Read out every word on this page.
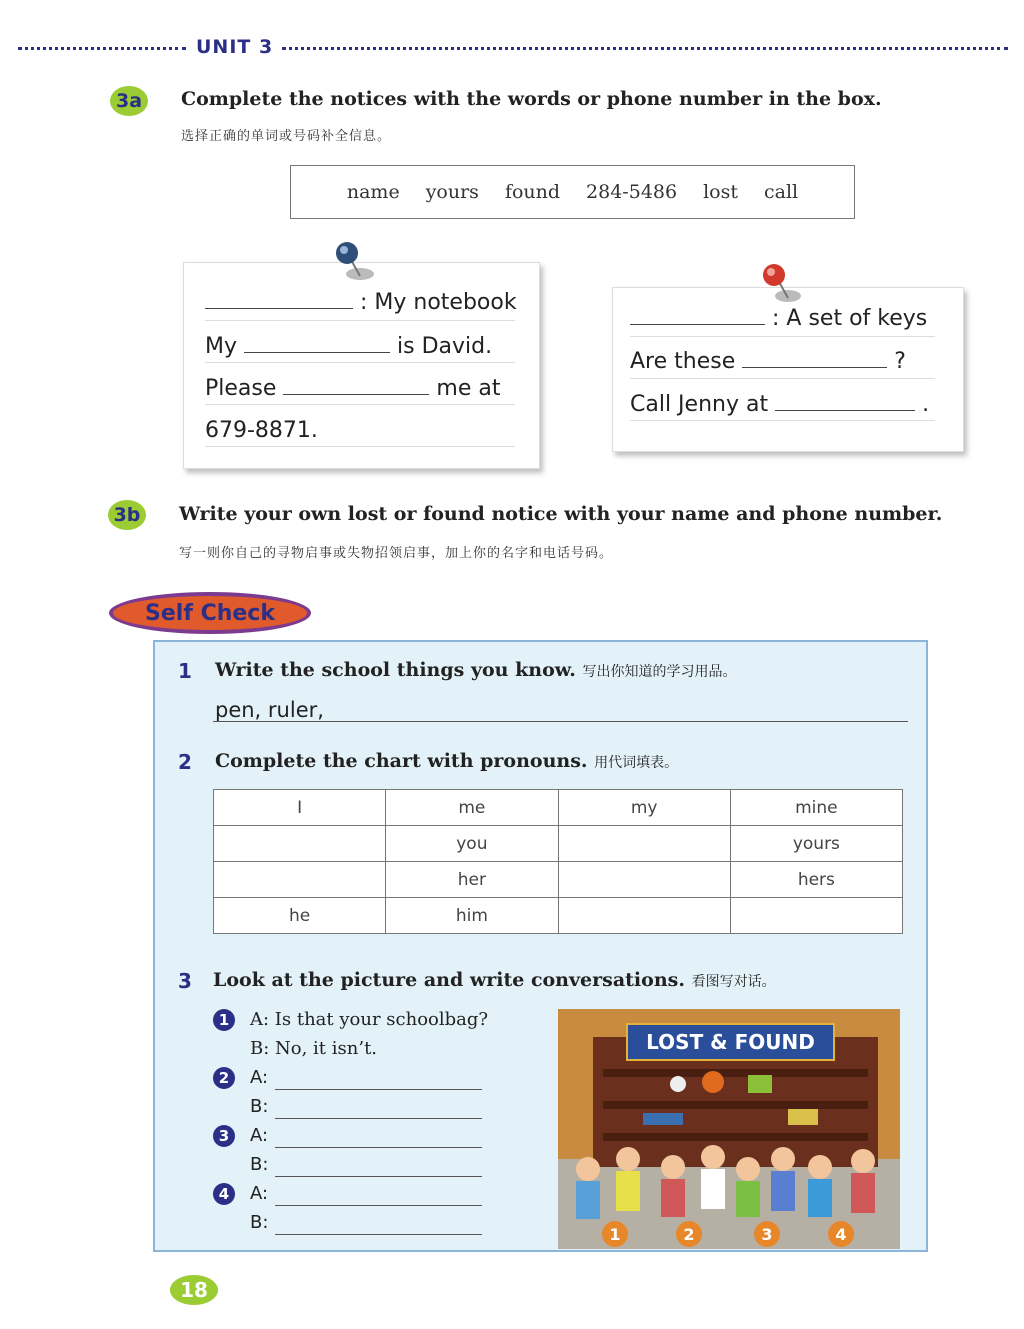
UNIT 3
3a	Complete the notices with the words or phone number in the box.
选择正确的单词或号码补全信息。
name yours found 284-5486 lost call
: My notebook
My	is David.
Please	me at
679-8871.
: A set of keys
Are these	?
Call Jenny at	.
3b Write your own lost or found notice with your name and phone number.
写一则你自己的寻物启事或失物招领启事，加上你的名字和电话号码。
Self Check
1 Write the school things you know. 写出你知道的学习用品。
pen, ruler,
2 Complete the chart with pronouns. 用代词填表。
I	me	my	mine
	you		yours
	her		hers
he	him		
3 Look at the picture and write conversations. 看图写对话。
1	A: Is that your schoolbag?
B: No, it isn’t.
2	A:
B:
3	A:
B:
4	A:
B:
LOST & FOUND
1	2	3	4
18
